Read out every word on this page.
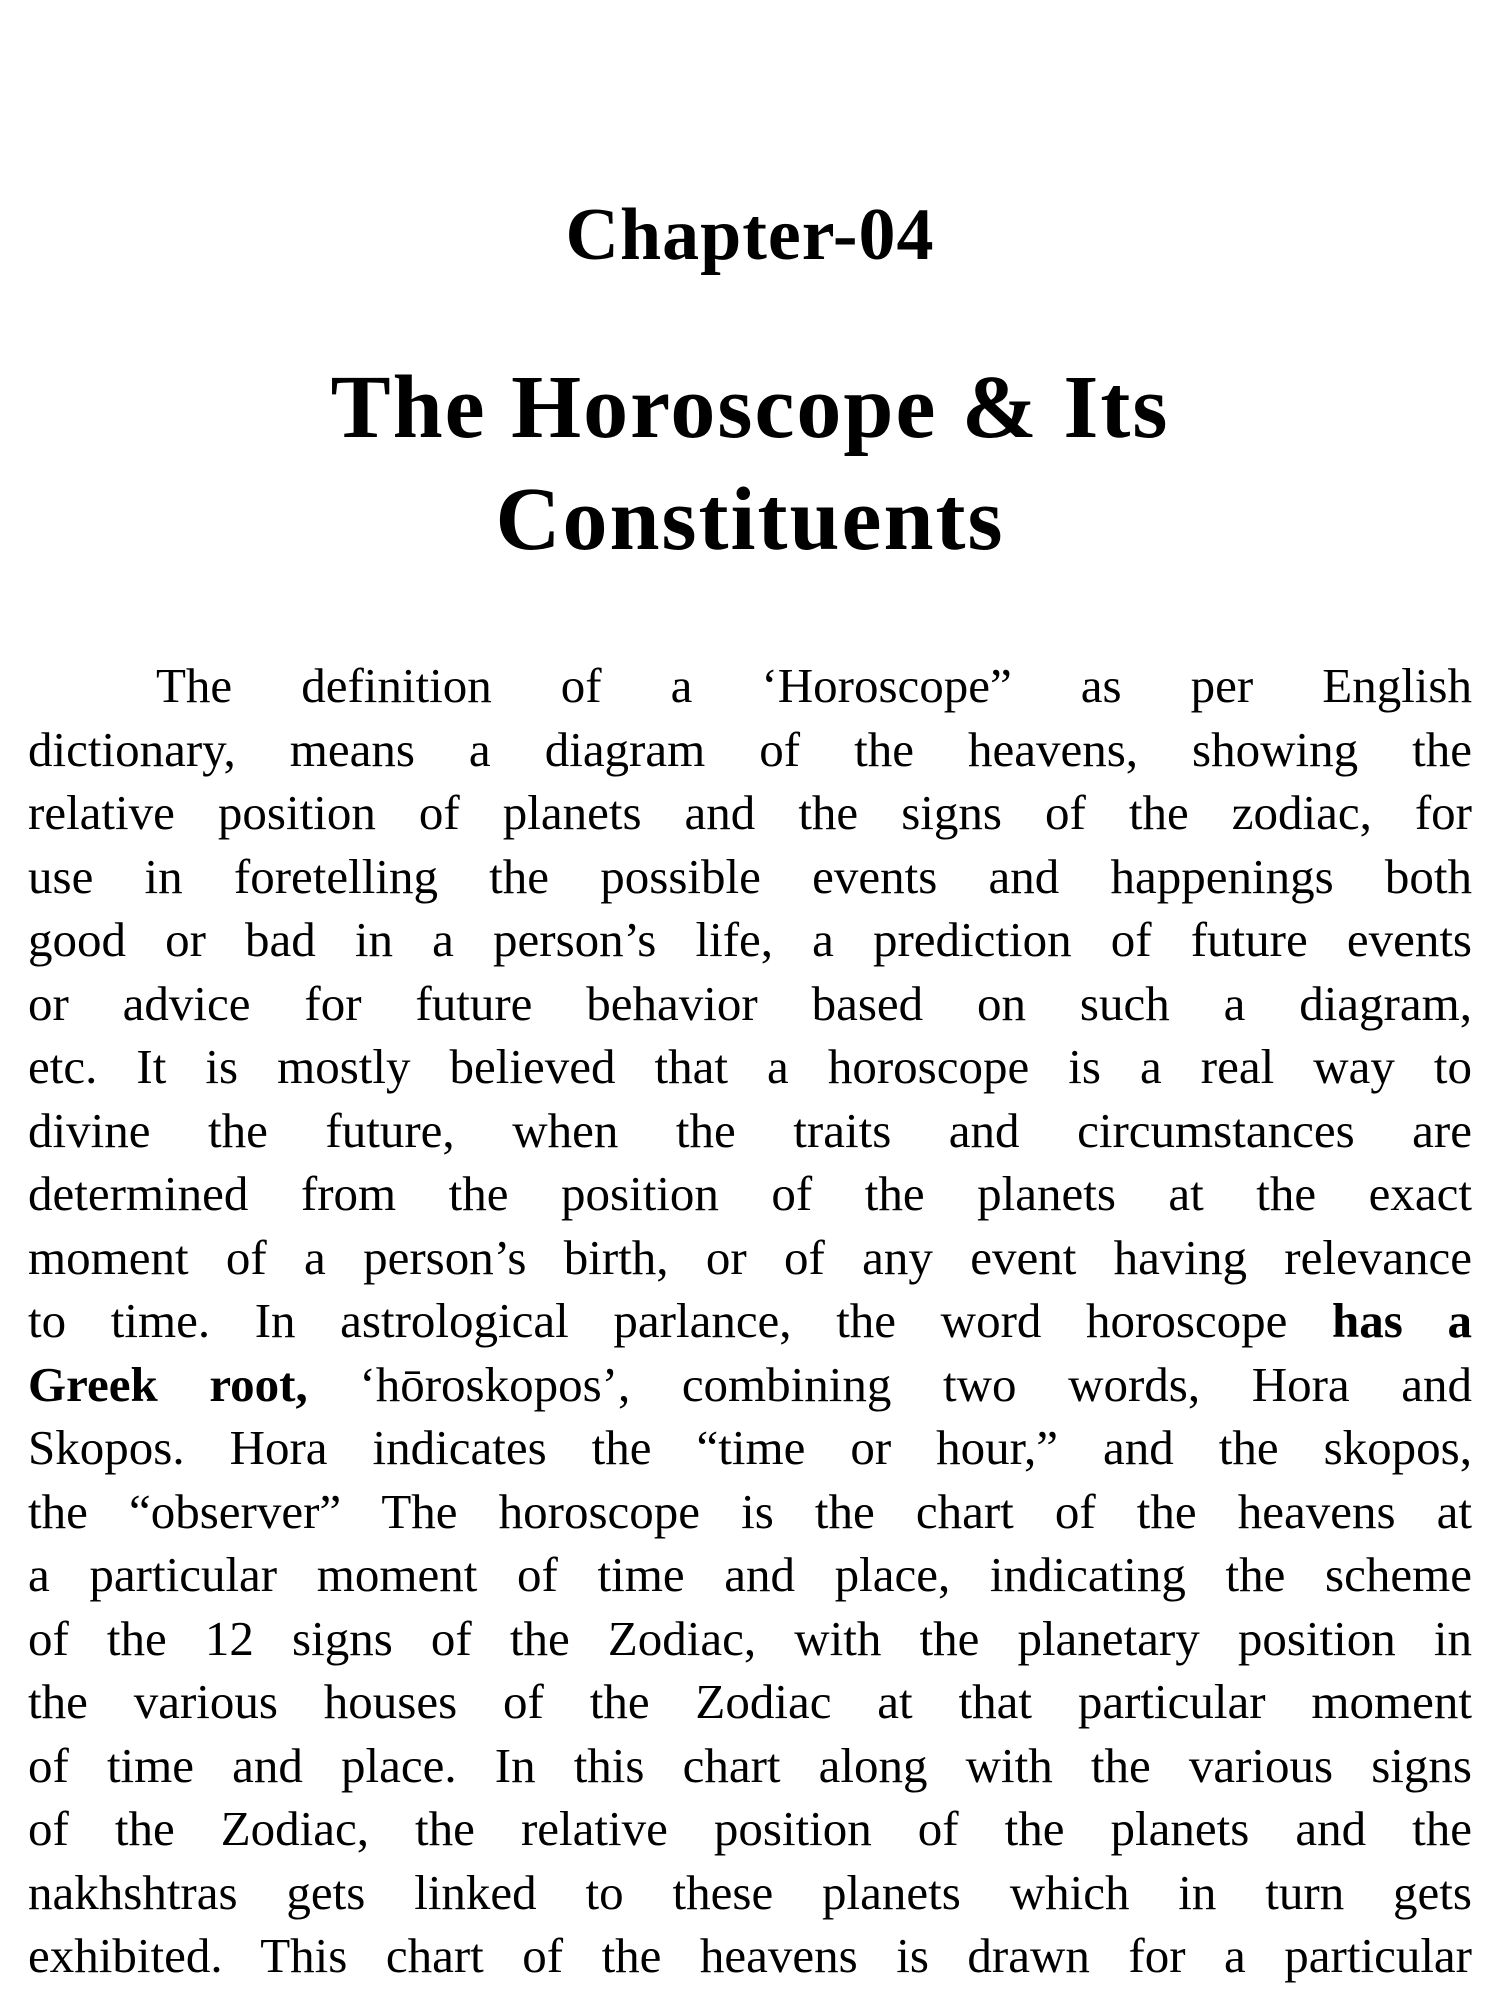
Chapter-04
The Horoscope & Its
Constituents
The definition of a ‘Horoscope” as per English
dictionary, means a diagram of the heavens, showing the
relative position of planets and the signs of the zodiac, for
use in foretelling the possible events and happenings both
good or bad in a person’s life, a prediction of future events
or advice for future behavior based on such a diagram,
etc. It is mostly believed that a horoscope is a real way to
divine the future, when the traits and circumstances are
determined from the position of the planets at the exact
moment of a person’s birth, or of any event having relevance
to time. In astrological parlance, the word horoscope has a
Greek root, ‘hōroskopos’, combining two words, Hora and
Skopos. Hora indicates the “time or hour,” and the skopos,
the “observer” The horoscope is the chart of the heavens at
a particular moment of time and place, indicating the scheme
of the 12 signs of the Zodiac, with the planetary position in
the various houses of the Zodiac at that particular moment
of time and place. In this chart along with the various signs
of the Zodiac, the relative position of the planets and the
nakhshtras gets linked to these planets which in turn gets
exhibited. This chart of the heavens is drawn for a particular
